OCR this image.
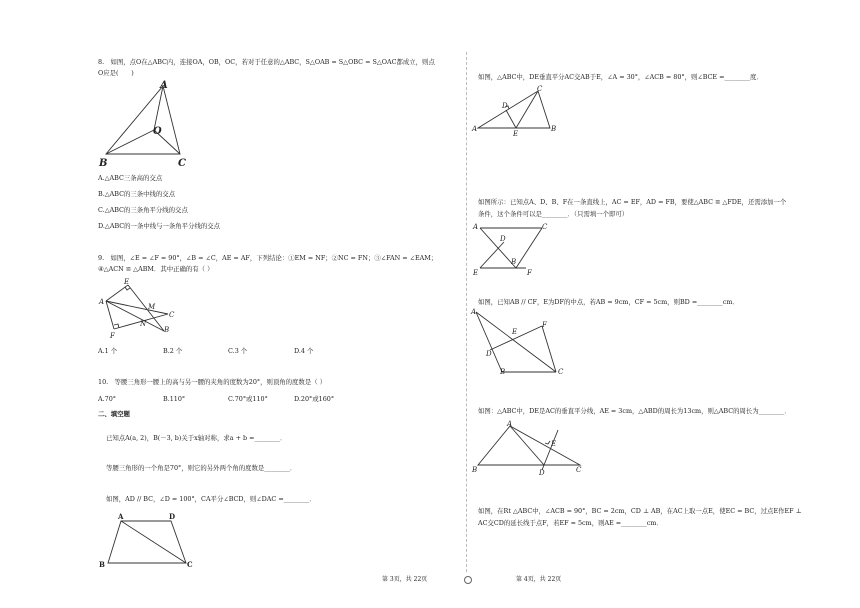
8.　如图，点O在△ABC内，连接OA，OB，OC，若对于任意的△ABC，S△OAB = S△OBC = S△OAC都成立，则点
O应是(　　)
A
O
B	C
A.△ABC三条高的交点
B.△ABC的三条中线的交点
C.△ABC的三条角平分线的交点
D.△ABC的一条中线与一条角平分线的交点
9.　如图，∠E = ∠F = 90°，∠B = ∠C，AE = AF，下列结论：①EM = NF；②NC = FN；③∠FAN = ∠EAM；
④△ACN ≌ △ABM．其中正确的有（ ）
E
A
M
C
N
B
F
A.1 个	B.2 个	C.3 个	D.4 个
10.　等腰三角形一腰上的高与另一腰的夹角的度数为20°，则顶角的度数是（ ）
A.70°	B.110°	C.70°或110°	D.20°或160°
二、填空题
已知点A(a, 2)，B(－3, b)关于x轴对称，求a + b =________．
等腰三角形的一个角是70°，则它的另外两个角的度数是________．
如图，AD // BC，∠D = 100°，CA平分∠BCD，则∠DAC =________．
A	D
B	C
如图，△ABC中，DE垂直平分AC交AB于E，∠A = 30°，∠ACB = 80°，则∠BCE =________度．
A
D
C
E
B
如图所示：已知点A、D、B、F在一条直线上，AC = EF，AD = FB，要使△ABC ≌ △FDE，还需添加一个
条件，这个条件可以是________．（只需填一个即可）
A	C
D
B
E	F
如图，已知AB // CF，E为DF的中点，若AB = 9cm，CF = 5cm，则BD =________cm．
A
F
E
D
B	C
如图：△ABC中，DE是AC的垂直平分线，AE = 3cm，△ABD的周长为13cm，则△ABC的周长为________．
A
E
B	D	C
如图，在Rt △ABC中，∠ACB = 90°，BC = 2cm，CD ⊥ AB，在AC上取一点E，使EC = BC，过点E作EF ⊥
AC交CD的延长线于点F，若EF = 5cm，则AE =________cm．
第 3页，共 22页	第 4页，共 22页
